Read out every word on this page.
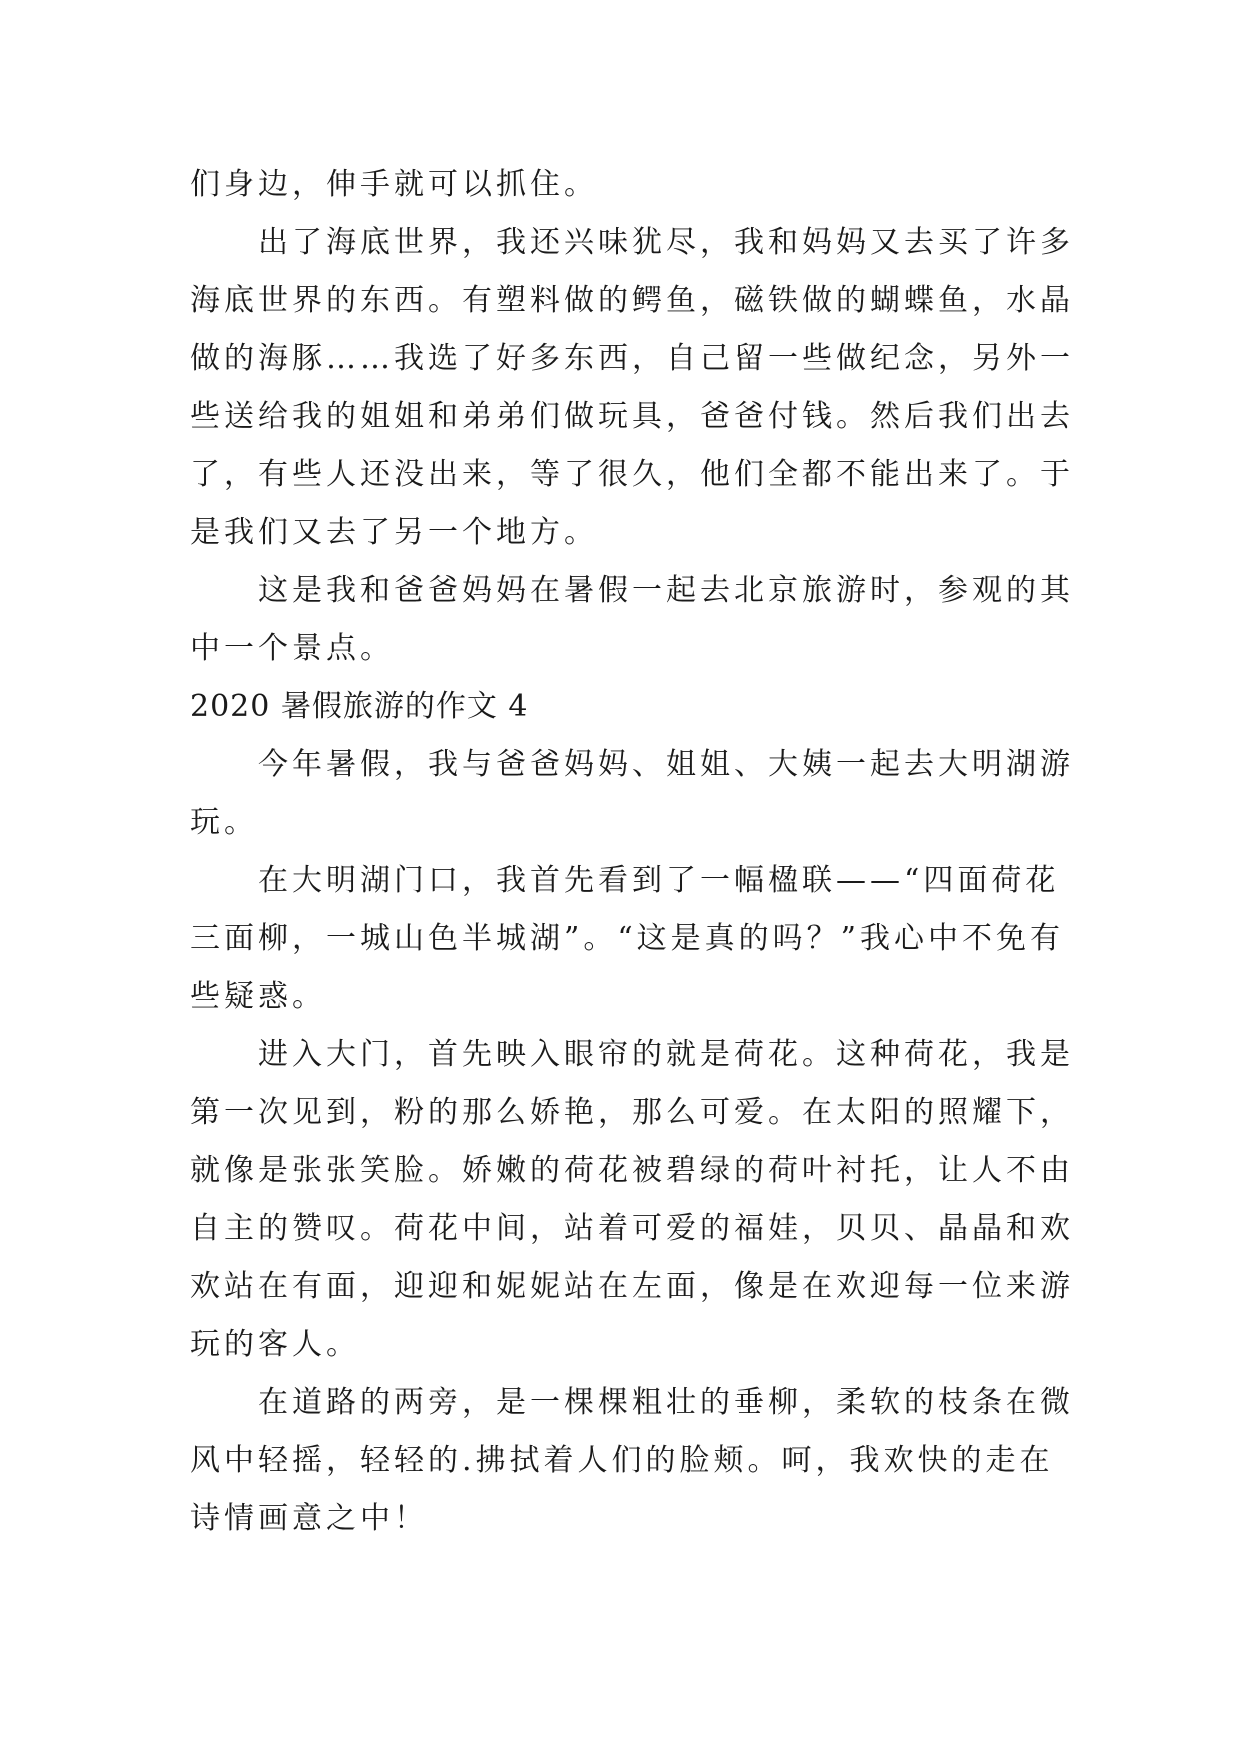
们身边，伸手就可以抓住。

出了海底世界，我还兴味犹尽，我和妈妈又去买了许多
海底世界的东西。有塑料做的鳄鱼，磁铁做的蝴蝶鱼，水晶
做的海豚……我选了好多东西，自己留一些做纪念，另外一
些送给我的姐姐和弟弟们做玩具，爸爸付钱。然后我们出去
了，有些人还没出来，等了很久，他们全都不能出来了。于
是我们又去了另一个地方。

这是我和爸爸妈妈在暑假一起去北京旅游时，参观的其
中一个景点。

2020 暑假旅游的作文 4

今年暑假，我与爸爸妈妈、姐姐、大姨一起去大明湖游
玩。

在大明湖门口，我首先看到了一幅楹联——“四面荷花
三面柳，一城山色半城湖”。“这是真的吗？”我心中不免有
些疑惑。

进入大门，首先映入眼帘的就是荷花。这种荷花，我是
第一次见到，粉的那么娇艳，那么可爱。在太阳的照耀下，
就像是张张笑脸。娇嫩的荷花被碧绿的荷叶衬托，让人不由
自主的赞叹。荷花中间，站着可爱的福娃，贝贝、晶晶和欢
欢站在有面，迎迎和妮妮站在左面，像是在欢迎每一位来游
玩的客人。

在道路的两旁，是一棵棵粗壮的垂柳，柔软的枝条在微
风中轻摇，轻轻的.拂拭着人们的脸颊。呵，我欢快的走在
诗情画意之中！
